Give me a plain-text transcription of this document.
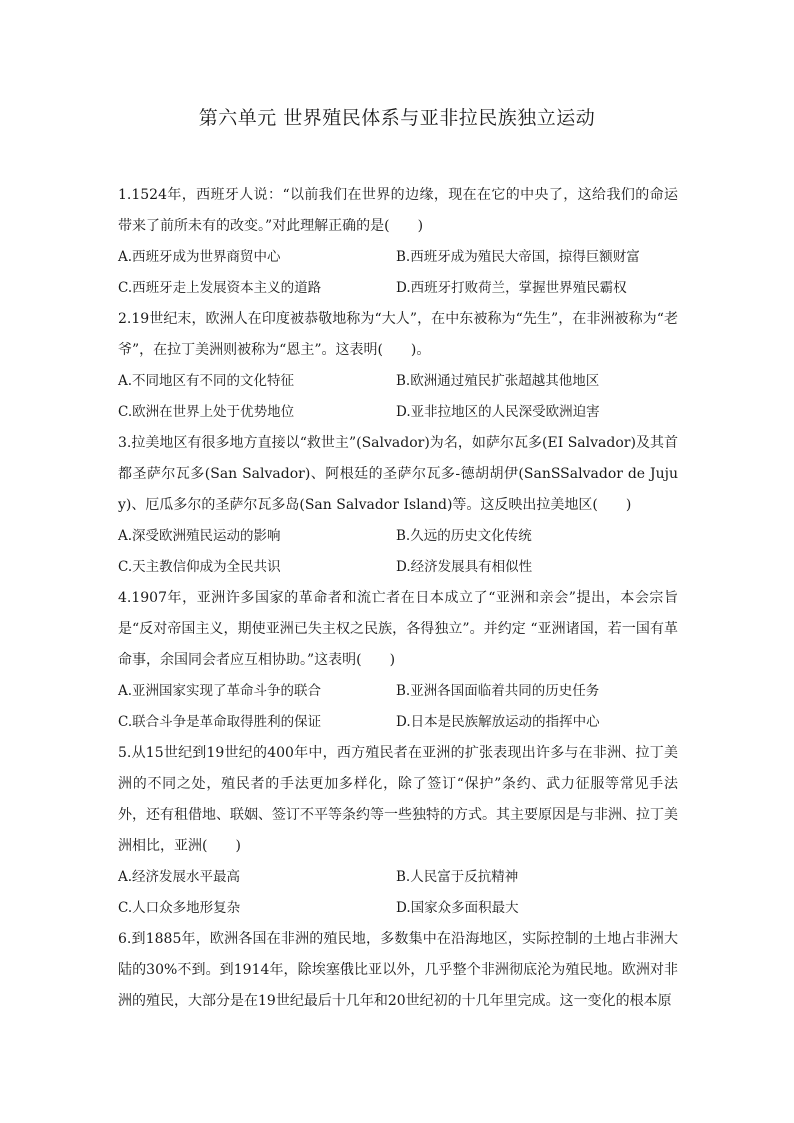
第六单元 世界殖民体系与亚非拉民族独立运动

1.1524年，西班牙人说：“以前我们在世界的边缘，现在在它的中央了，这给我们的命运带来了前所未有的改变。”对此理解正确的是(　　)

A.西班牙成为世界商贸中心	B.西班牙成为殖民大帝国，掠得巨额财富
C.西班牙走上发展资本主义的道路	D.西班牙打败荷兰，掌握世界殖民霸权

2.19世纪末，欧洲人在印度被恭敬地称为“大人”，在中东被称为“先生”，在非洲被称为“老爷”，在拉丁美洲则被称为“恩主”。这表明(　　)。

A.不同地区有不同的文化特征	B.欧洲通过殖民扩张超越其他地区
C.欧洲在世界上处于优势地位	D.亚非拉地区的人民深受欧洲迫害

3.拉美地区有很多地方直接以“救世主”(Salvador)为名，如萨尔瓦多(EI Salvador)及其首都圣萨尔瓦多(San Salvador)、阿根廷的圣萨尔瓦多-德胡胡伊(SanSSalvador de Jujuy)、厄瓜多尔的圣萨尔瓦多岛(San Salvador Island)等。这反映出拉美地区(　　)

A.深受欧洲殖民运动的影响	B.久远的历史文化传统
C.天主教信仰成为全民共识	D.经济发展具有相似性

4.1907年，亚洲许多国家的革命者和流亡者在日本成立了“亚洲和亲会”提出，本会宗旨是“反对帝国主义，期使亚洲已失主权之民族，各得独立”。并约定 “亚洲诸国，若一国有革命事，余国同会者应互相协助。”这表明(　　)

A.亚洲国家实现了革命斗争的联合	B.亚洲各国面临着共同的历史任务
C.联合斗争是革命取得胜利的保证	D.日本是民族解放运动的指挥中心

5.从15世纪到19世纪的400年中，西方殖民者在亚洲的扩张表现出许多与在非洲、拉丁美洲的不同之处，殖民者的手法更加多样化，除了签订“保护”条约、武力征服等常见手法外，还有租借地、联姻、签订不平等条约等一些独特的方式。其主要原因是与非洲、拉丁美洲相比，亚洲(　　)

A.经济发展水平最高	B.人民富于反抗精神
C.人口众多地形复杂	D.国家众多面积最大

6.到1885年，欧洲各国在非洲的殖民地，多数集中在沿海地区，实际控制的土地占非洲大陆的30%不到。到1914年，除埃塞俄比亚以外，几乎整个非洲彻底沦为殖民地。欧洲对非洲的殖民，大部分是在19世纪最后十几年和20世纪初的十几年里完成。这一变化的根本原
